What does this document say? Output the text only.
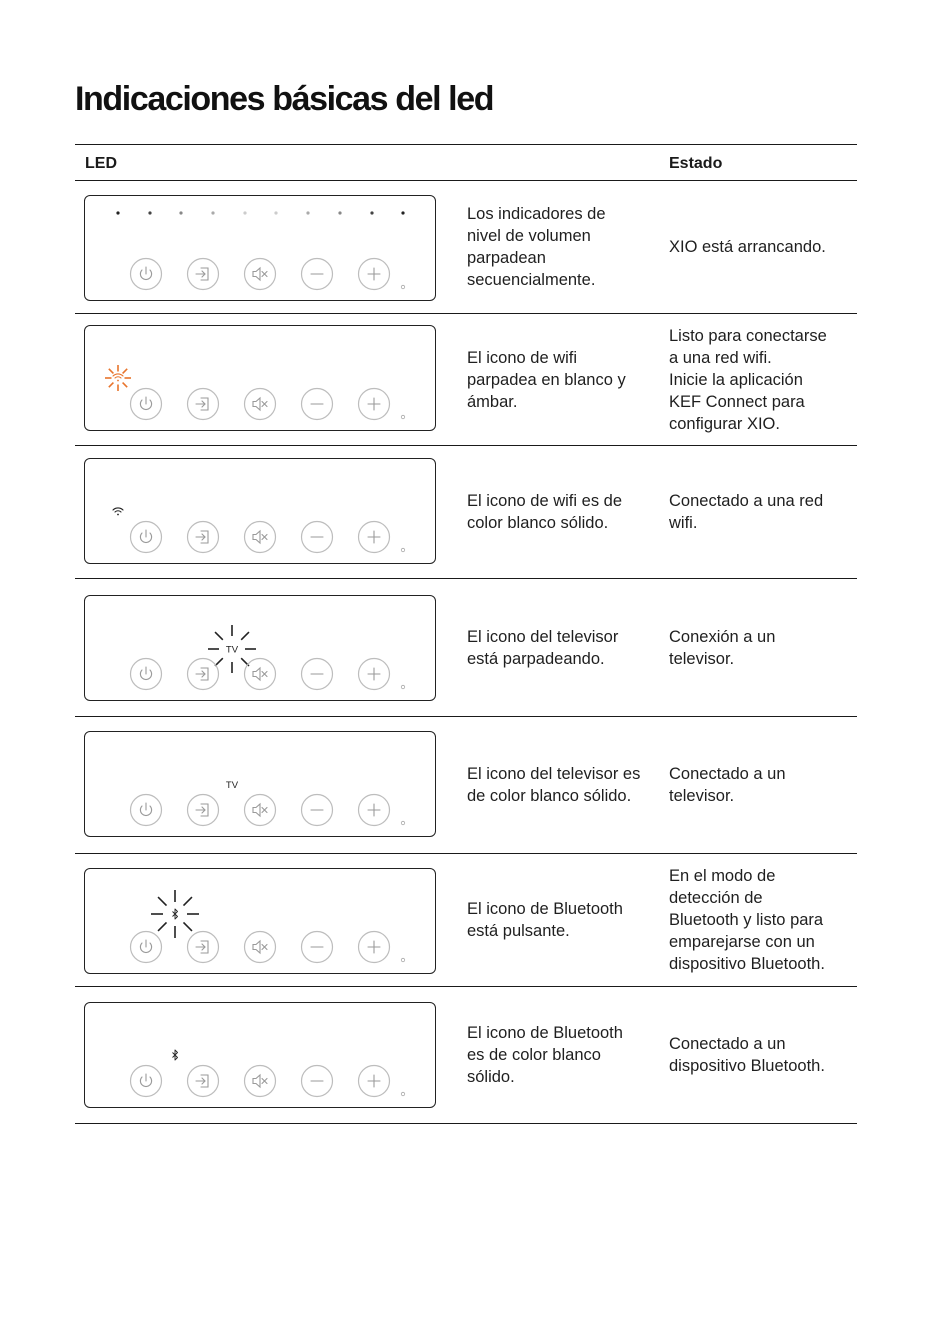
Indicaciones básicas del led
LED	Estado
Los indicadores de
nivel de volumen
parpadean
secuencialmente.
XIO está arrancando.
El icono de wifi
parpadea en blanco y
ámbar.
Listo para conectarse
a una red wifi.
Inicie la aplicación
KEF Connect para
configurar XIO.
El icono de wifi es de
color blanco sólido.
Conectado a una red
wifi.
TV
El icono del televisor
está parpadeando.
Conexión a un
televisor.
TV
El icono del televisor es
de color blanco sólido.
Conectado a un
televisor.
El icono de Bluetooth
está pulsante.
En el modo de
detección de
Bluetooth y listo para
emparejarse con un
dispositivo Bluetooth.
El icono de Bluetooth
es de color blanco
sólido.
Conectado a un
dispositivo Bluetooth.
